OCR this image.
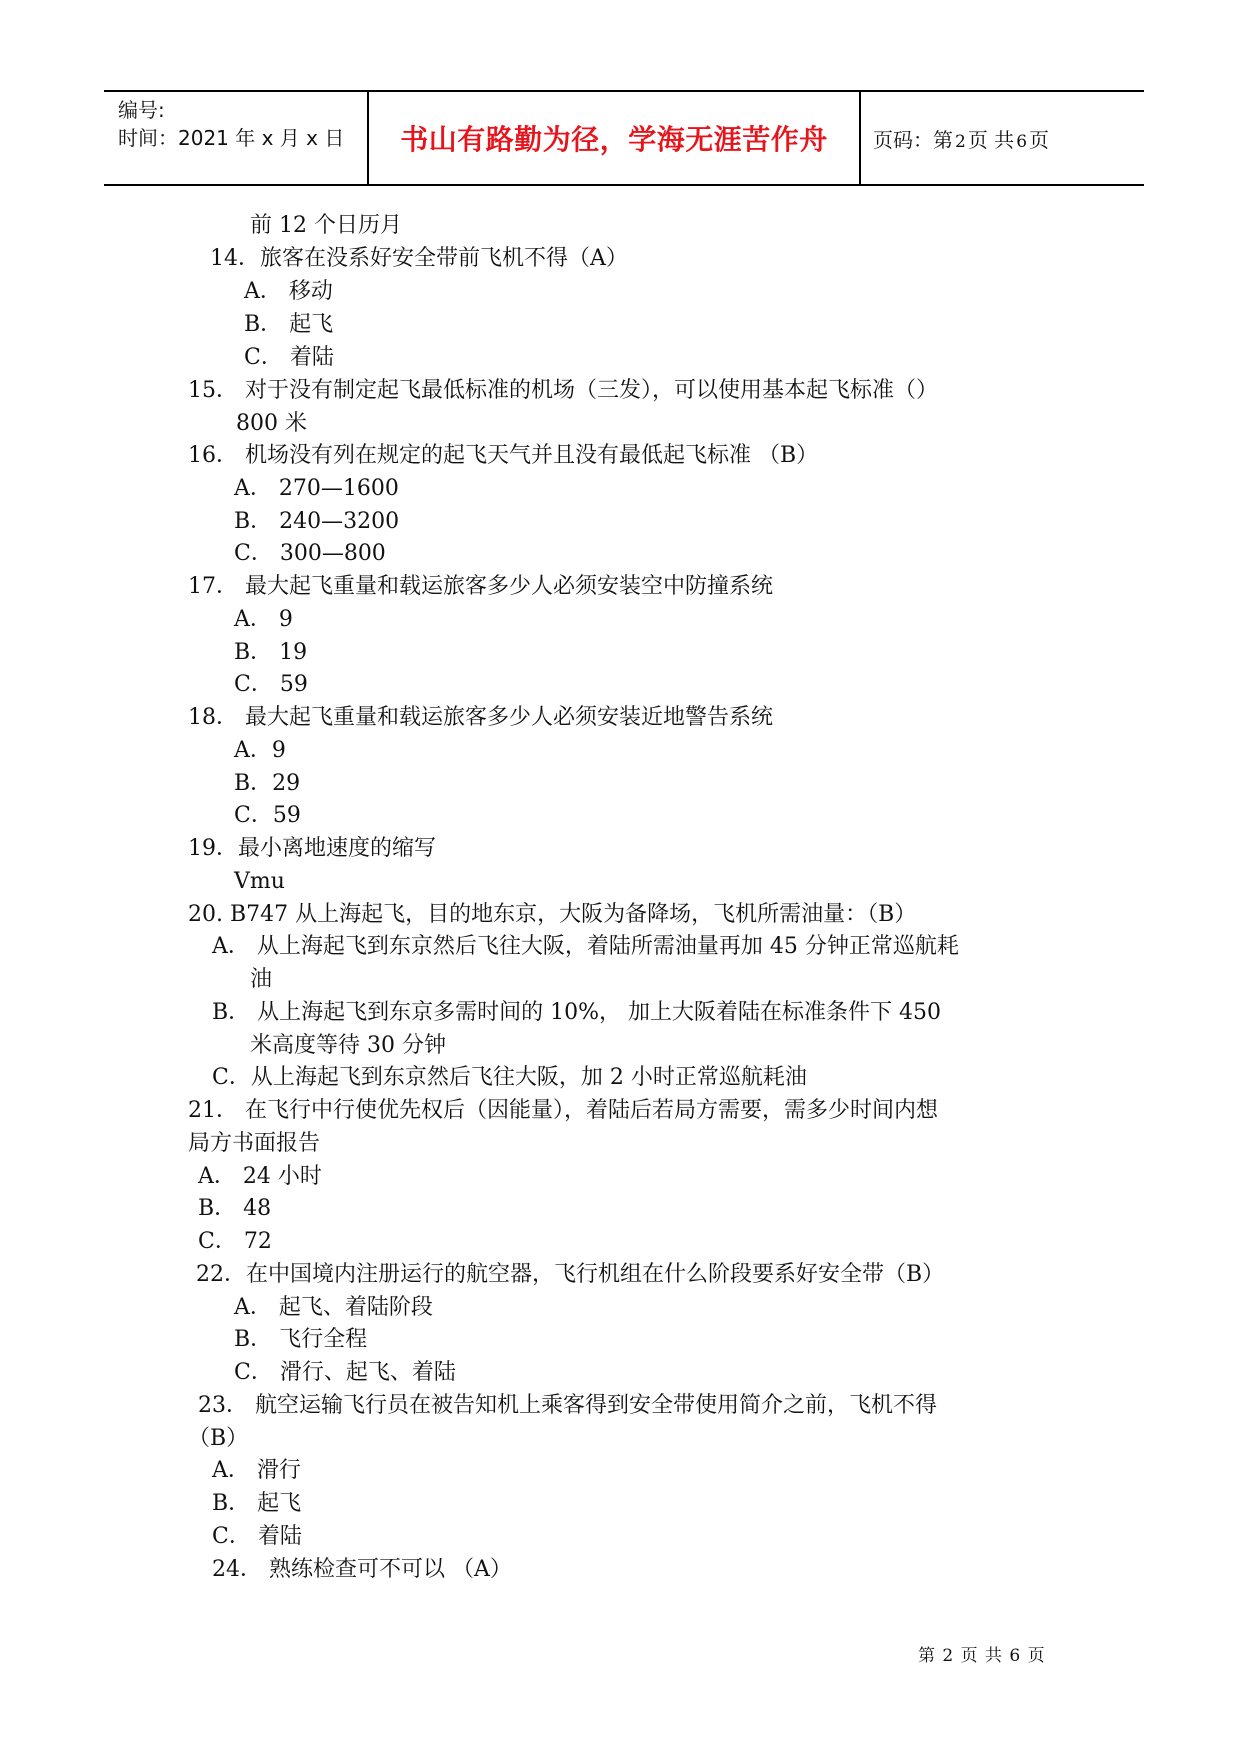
编号:
时间：2021 年 x 月 x 日	书山有路勤为径，学海无涯苦作舟	页码：第 2 页 共 6 页
前 12 个日历月
14．旅客在没系好安全带前飞机不得（A）
A． 移动
B． 起飞
C． 着陆
15． 对于没有制定起飞最低标准的机场（三发），可以使用基本起飞标准（）
800 米
16． 机场没有列在规定的起飞天气并且没有最低起飞标准 （B）
A． 270—1600
B． 240—3200
C． 300—800
17． 最大起飞重量和载运旅客多少人必须安装空中防撞系统
A． 9
B． 19
C． 59
18． 最大起飞重量和载运旅客多少人必须安装近地警告系统
A．9
B．29
C．59
19．最小离地速度的缩写
Vmu
20. B747 从上海起飞，目的地东京，大阪为备降场，飞机所需油量：（B）
A． 从上海起飞到东京然后飞往大阪，着陆所需油量再加 45 分钟正常巡航耗
油
B． 从上海起飞到东京多需时间的 10%， 加上大阪着陆在标准条件下 450
米高度等待 30 分钟
C．从上海起飞到东京然后飞往大阪，加 2 小时正常巡航耗油
21． 在飞行中行使优先权后（因能量），着陆后若局方需要，需多少时间内想
局方书面报告
A． 24 小时
B． 48
C． 72
22．在中国境内注册运行的航空器，飞行机组在什么阶段要系好安全带（B）
A． 起飞、着陆阶段
B． 飞行全程
C． 滑行、起飞、着陆
23． 航空运输飞行员在被告知机上乘客得到安全带使用简介之前，飞机不得
（B）
A． 滑行
B． 起飞
C． 着陆
24． 熟练检查可不可以 （A）
第 2 页 共 6 页
